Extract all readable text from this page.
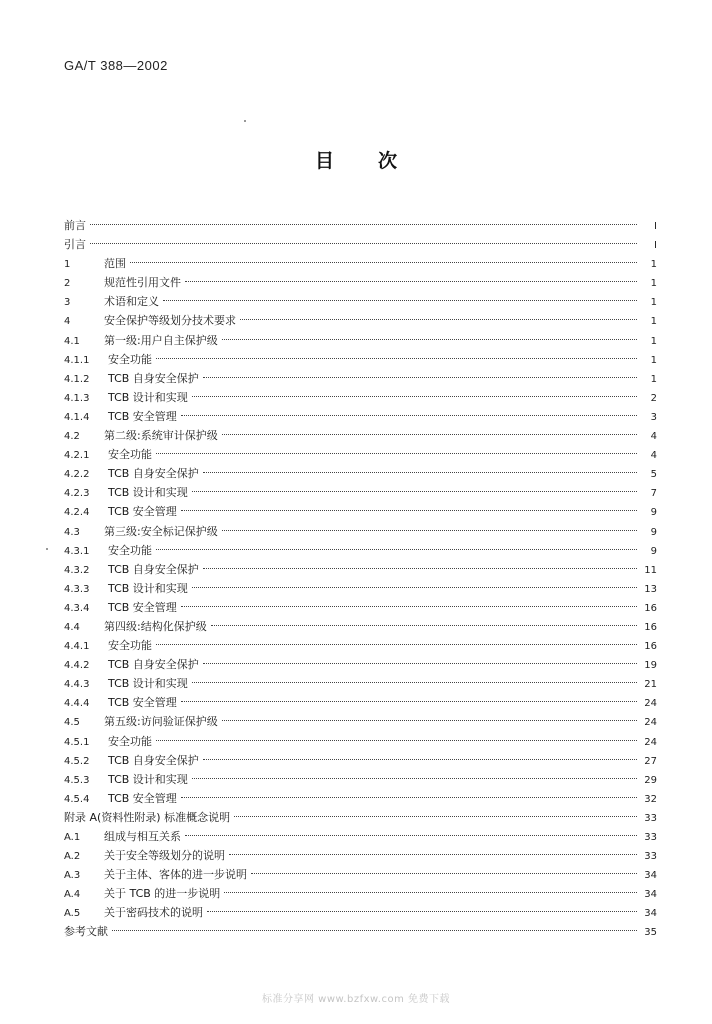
GA/T 388—2002
目次
前言	Ⅰ
引言	Ⅰ
1	范围	1
2	规范性引用文件	1
3	术语和定义	1
4	安全保护等级划分技术要求	1
4.1	第一级:用户自主保护级	1
4.1.1	安全功能	1
4.1.2	TCB 自身安全保护	1
4.1.3	TCB 设计和实现	2
4.1.4	TCB 安全管理	3
4.2	第二级:系统审计保护级	4
4.2.1	安全功能	4
4.2.2	TCB 自身安全保护	5
4.2.3	TCB 设计和实现	7
4.2.4	TCB 安全管理	9
4.3	第三级:安全标记保护级	9
4.3.1	安全功能	9
4.3.2	TCB 自身安全保护	11
4.3.3	TCB 设计和实现	13
4.3.4	TCB 安全管理	16
4.4	第四级:结构化保护级	16
4.4.1	安全功能	16
4.4.2	TCB 自身安全保护	19
4.4.3	TCB 设计和实现	21
4.4.4	TCB 安全管理	24
4.5	第五级:访问验证保护级	24
4.5.1	安全功能	24
4.5.2	TCB 自身安全保护	27
4.5.3	TCB 设计和实现	29
4.5.4	TCB 安全管理	32
附录 A(资料性附录) 标准概念说明	33
A.1	组成与相互关系	33
A.2	关于安全等级划分的说明	33
A.3	关于主体、客体的进一步说明	34
A.4	关于 TCB 的进一步说明	34
A.5	关于密码技术的说明	34
参考文献	35
标准分享网 www.bzfxw.com 免费下载
